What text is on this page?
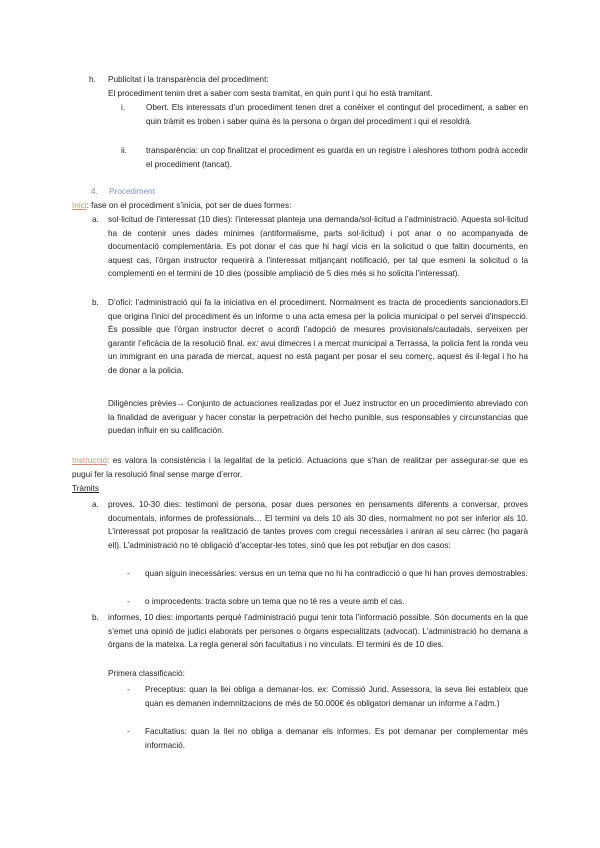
h. Publicitat i la transparència del procediment:
El procediment tenim dret a saber com sesta tramitat, en quin punt i qui ho està tramitant.
i.	Obert. Els interessats d’un procediment tenen dret a conèixer el contingut del procediment, a saber en quin tràmit es troben i saber quina és la persona o òrgan del procediment i qui el resoldrà.
ii. transparència: un cop finalitzat el procediment es guarda en un registre i aleshores tothom podrà accedir el procediment (tancat).
4. Procediment
Inici: fase on el procediment s’inicia, pot ser de dues formes:
a. sol·licitud de l’interessat (10 dies): l’interessat planteja una demanda/sol·licitud a l’administració. Aquesta sol·licitud ha de contenir unes dades mínimes (antiformalisme, parts sol·licitud) i pot anar o no acompanyada de documentació complementària. Es pot donar el cas que hi hagi vicis en la solicitud o que faltin documents, en aquest cas, l’òrgan instructor requerirà a l’interessat mitjançant notificació, per tal que esmeni la solicitud o la complementi en el termini de 10 dies (possible ampliació de 5 dies més si ho solicita l’interessat).
b. D’ofici: l’administració qui fa la iniciativa en el procediment. Normalment es tracta de procedients sancionadors.El que origina l’inici del procediment és un informe o una acta emesa per la policia municipal o pel servei d’inspecció. És possible que l’òrgan instructor decret o acordi l’adopció de mesures provisionals/cautadals, serveixen per garantir l’eficàcia de la resolució final. ex: avui dimecres i a mercat municipal a Terrassa, la policia fent la ronda veu un immigrant en una parada de mercat, aquest no està pagant per posar el seu comerç, aquest és il·legal i ho ha de donar a la policia.
Diligències prèvies→ Conjunto de actuaciones realizadas por el Juez instructor en un procedimiento abreviado con la finalidad de averiguar y hacer constar la perpetración del hecho punible, sus responsables y circunstancias que puedan influir en su calificación.
Instrucció: es valora la consistència i la legalitat de la petició. Actuacions que s’han de realitzar per assegurar-se que es pugui fer la resolució final sense marge d’error.
Tràmits
a. proves, 10-30 dies: testimoni de persona, posar dues persones en pensaments diferents a conversar, proves documentals, informes de professionals… El termini va dels 10 als 30 dies, normalment no pot ser inferior als 10. L’interessat pot proposar la realització de tantes proves com cregui necessàries i aniran al seu càrrec (ho pagarà ell). L’administració no té obligació d’acceptar-les totes, sinó que les pot rebutjar en dos casos:
- quan siguin inecessàries: versus en un tema que no hi ha contradicció o que hi han proves demostrables.
- o improcedents: tracta sobre un tema que no té res a veure amb el cas.
b. informes, 10 dies: importants perquè l’administració pugui tenir tota l’informació possible. Són documents en la que s’emet una opinió de judici elaborats per persones o òrgans especialitzats (advocat). L’administració ho demana a òrgans de la mateixa. La regla general són facultatius i no vinculats. El termini és de 10 dies.
Primera classificació:
- Preceptius: quan la llei obliga a demanar-los. ex: Comissió Jurid. Assessora, la seva llei estableix que quan es demanen indemnitzacions de més de 50.000€ és obligatori demanar un informe a l’adm.)
- Facultatius: quan la llei no obliga a demanar els informes. Es pot demanar per complementar més informació.
